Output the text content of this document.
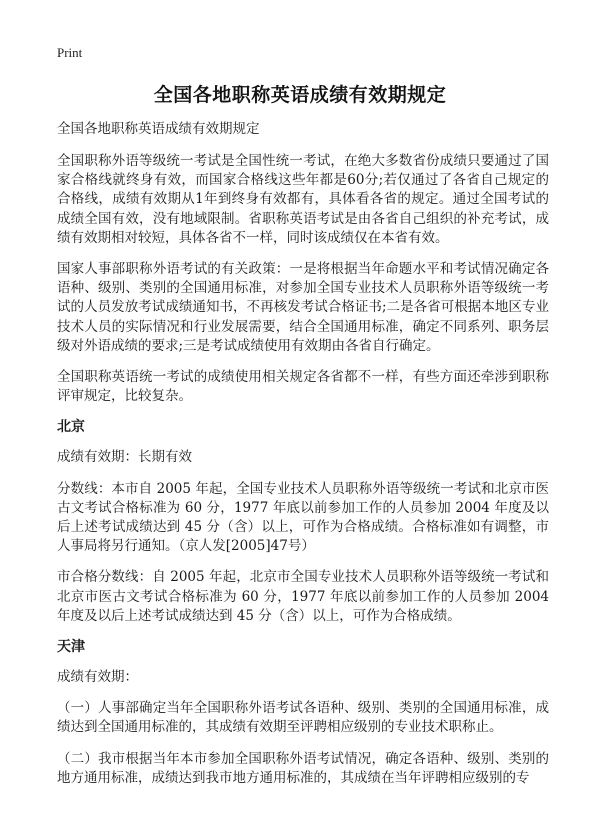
Print
全国各地职称英语成绩有效期规定

全国各地职称英语成绩有效期规定

全国职称外语等级统一考试是全国性统一考试，在绝大多数省份成绩只要通过了国家合格线就终身有效，而国家合格线这些年都是60分;若仅通过了各省自己规定的合格线，成绩有效期从1年到终身有效都有，具体看各省的规定。通过全国考试的成绩全国有效，没有地域限制。省职称英语考试是由各省自己组织的补充考试，成绩有效期相对较短，具体各省不一样，同时该成绩仅在本省有效。

国家人事部职称外语考试的有关政策：一是将根据当年命题水平和考试情况确定各语种、级别、类别的全国通用标准，对参加全国专业技术人员职称外语等级统一考试的人员发放考试成绩通知书，不再核发考试合格证书;二是各省可根据本地区专业技术人员的实际情况和行业发展需要，结合全国通用标准，确定不同系列、职务层级对外语成绩的要求;三是考试成绩使用有效期由各省自行确定。

全国职称英语统一考试的成绩使用相关规定各省都不一样，有些方面还牵涉到职称评审规定，比较复杂。

北京

成绩有效期：长期有效

分数线：本市自 2005 年起，全国专业技术人员职称外语等级统一考试和北京市医古文考试合格标准为 60 分，1977 年底以前参加工作的人员参加 2004 年度及以后上述考试成绩达到 45 分（含）以上，可作为合格成绩。合格标准如有调整，市人事局将另行通知。（京人发[2005]47号）

市合格分数线：自 2005 年起，北京市全国专业技术人员职称外语等级统一考试和北京市医古文考试合格标准为 60 分，1977 年底以前参加工作的人员参加 2004 年度及以后上述考试成绩达到 45 分（含）以上，可作为合格成绩。

天津

成绩有效期：

（一）人事部确定当年全国职称外语考试各语种、级别、类别的全国通用标准，成绩达到全国通用标准的，其成绩有效期至评聘相应级别的专业技术职称止。

（二）我市根据当年本市参加全国职称外语考试情况，确定各语种、级别、类别的地方通用标准，成绩达到我市地方通用标准的，其成绩在当年评聘相应级别的专
